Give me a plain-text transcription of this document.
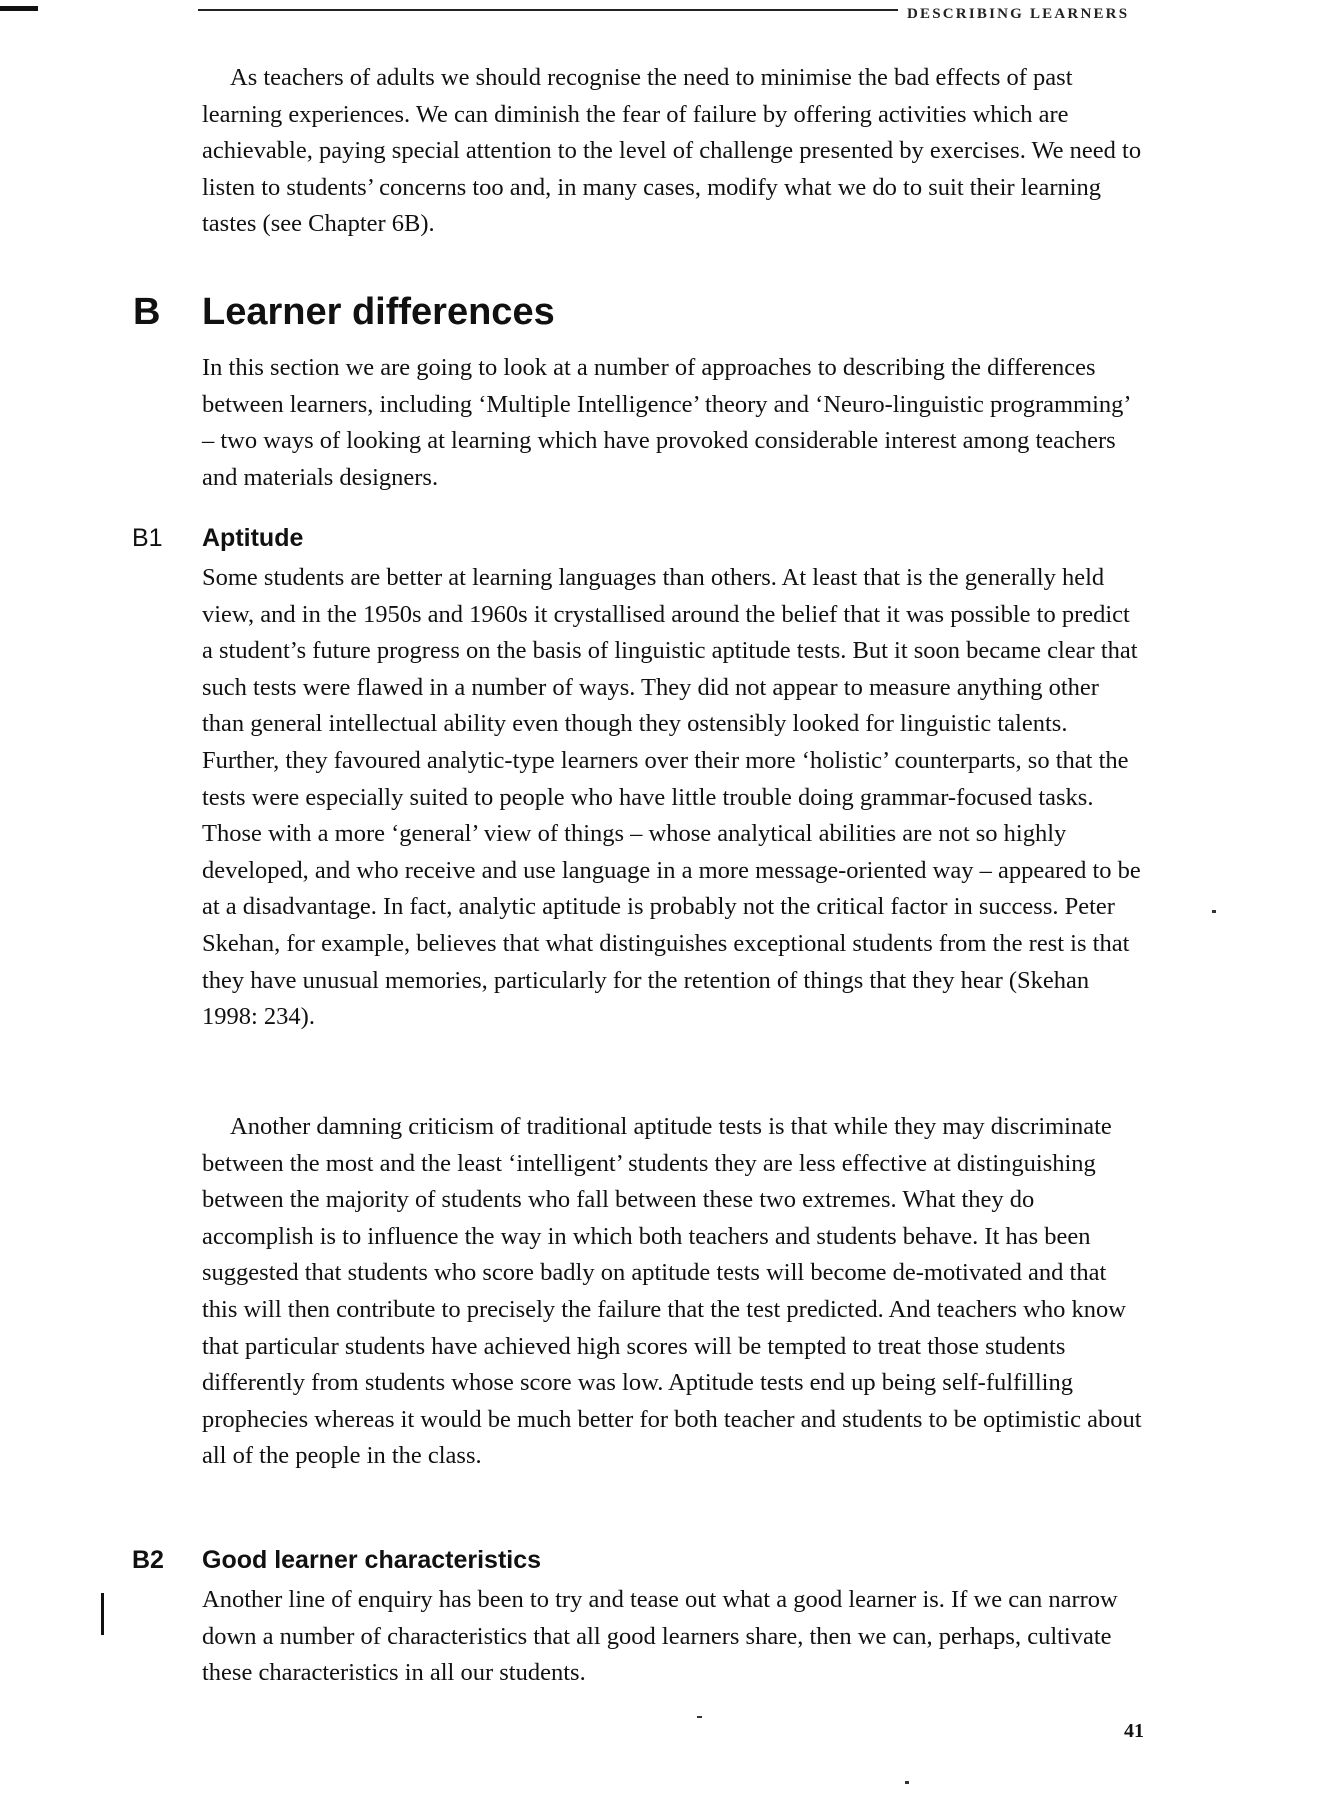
DESCRIBING LEARNERS

As teachers of adults we should recognise the need to minimise the bad effects of past learning experiences. We can diminish the fear of failure by offering activities which are achievable, paying special attention to the level of challenge presented by exercises. We need to listen to students’ concerns too and, in many cases, modify what we do to suit their learning tastes (see Chapter 6B).

B Learner differences

In this section we are going to look at a number of approaches to describing the differences between learners, including ‘Multiple Intelligence’ theory and ‘Neuro-linguistic programming’ – two ways of looking at learning which have provoked considerable interest among teachers and materials designers.

B1 Aptitude

Some students are better at learning languages than others. At least that is the generally held view, and in the 1950s and 1960s it crystallised around the belief that it was possible to predict a student’s future progress on the basis of linguistic aptitude tests. But it soon became clear that such tests were flawed in a number of ways. They did not appear to measure anything other than general intellectual ability even though they ostensibly looked for linguistic talents. Further, they favoured analytic-type learners over their more ‘holistic’ counterparts, so that the tests were especially suited to people who have little trouble doing grammar-focused tasks. Those with a more ‘general’ view of things – whose analytical abilities are not so highly developed, and who receive and use language in a more message-oriented way – appeared to be at a disadvantage. In fact, analytic aptitude is probably not the critical factor in success. Peter Skehan, for example, believes that what distinguishes exceptional students from the rest is that they have unusual memories, particularly for the retention of things that they hear (Skehan 1998: 234).

Another damning criticism of traditional aptitude tests is that while they may discriminate between the most and the least ‘intelligent’ students they are less effective at distinguishing between the majority of students who fall between these two extremes. What they do accomplish is to influence the way in which both teachers and students behave. It has been suggested that students who score badly on aptitude tests will become de-motivated and that this will then contribute to precisely the failure that the test predicted. And teachers who know that particular students have achieved high scores will be tempted to treat those students differently from students whose score was low. Aptitude tests end up being self-fulfilling prophecies whereas it would be much better for both teacher and students to be optimistic about all of the people in the class.

B2 Good learner characteristics

Another line of enquiry has been to try and tease out what a good learner is. If we can narrow down a number of characteristics that all good learners share, then we can, perhaps, cultivate these characteristics in all our students.

41
